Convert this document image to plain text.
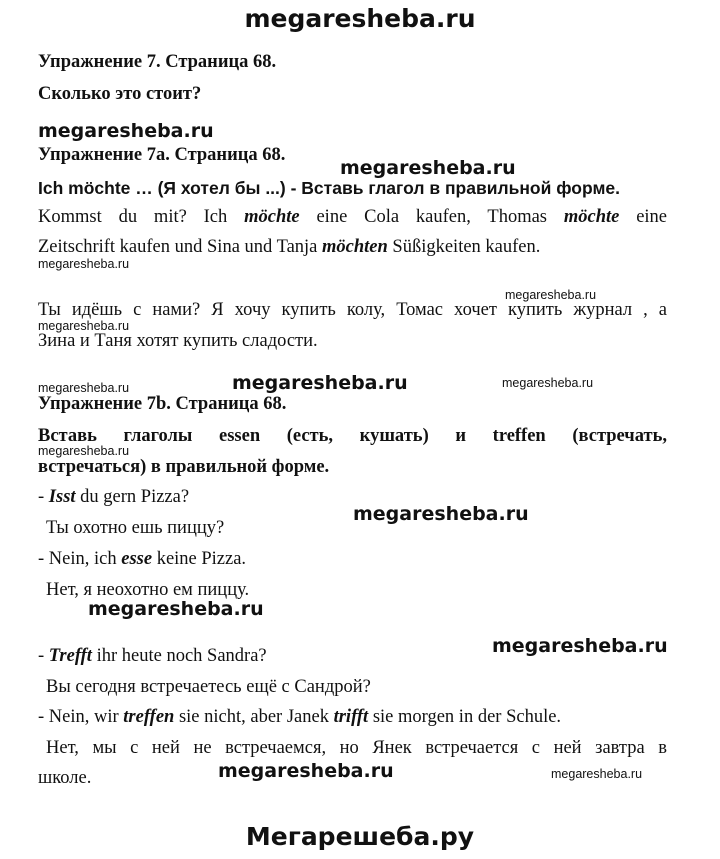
megaresheba.ru
Упражнение 7. Страница 68.
Сколько это стоит?
megaresheba.ru
Упражнение 7a. Страница 68.
megaresheba.ru
Ich möchte … (Я хотел бы ...) - Вставь глагол в правильной форме.
Kommst du mit? Ich möchte eine Cola kaufen, Thomas möchte eine
Zeitschrift kaufen und Sina und Tanja möchten Süßigkeiten kaufen.
megaresheba.ru
megaresheba.ru
Ты идёшь с нами? Я хочу купить колу, Томас хочет купить журнал , а
megaresheba.ru
Зина и Таня хотят купить сладости.
megaresheba.ru	megaresheba.ru	megaresheba.ru
Упражнение 7b. Страница 68.
Вставь глаголы essen (есть, кушать) и treffen (встречать,
megaresheba.ru
встречаться) в правильной форме.
- Isst du gern Pizza?
megaresheba.ru
Ты охотно ешь пиццу?
- Nein, ich esse keine Pizza.
Нет, я неохотно ем пиццу.
megaresheba.ru
megaresheba.ru
- Trefft ihr heute noch Sandra?
Вы сегодня встречаетесь ещё с Сандрой?
- Nein, wir treffen sie nicht, aber Janek trifft sie morgen in der Schule.
Нет, мы с ней не встречаемся, но Янек встречается с ней завтра в
megaresheba.ru	megaresheba.ru
школе.
Мегарешеба.ру
